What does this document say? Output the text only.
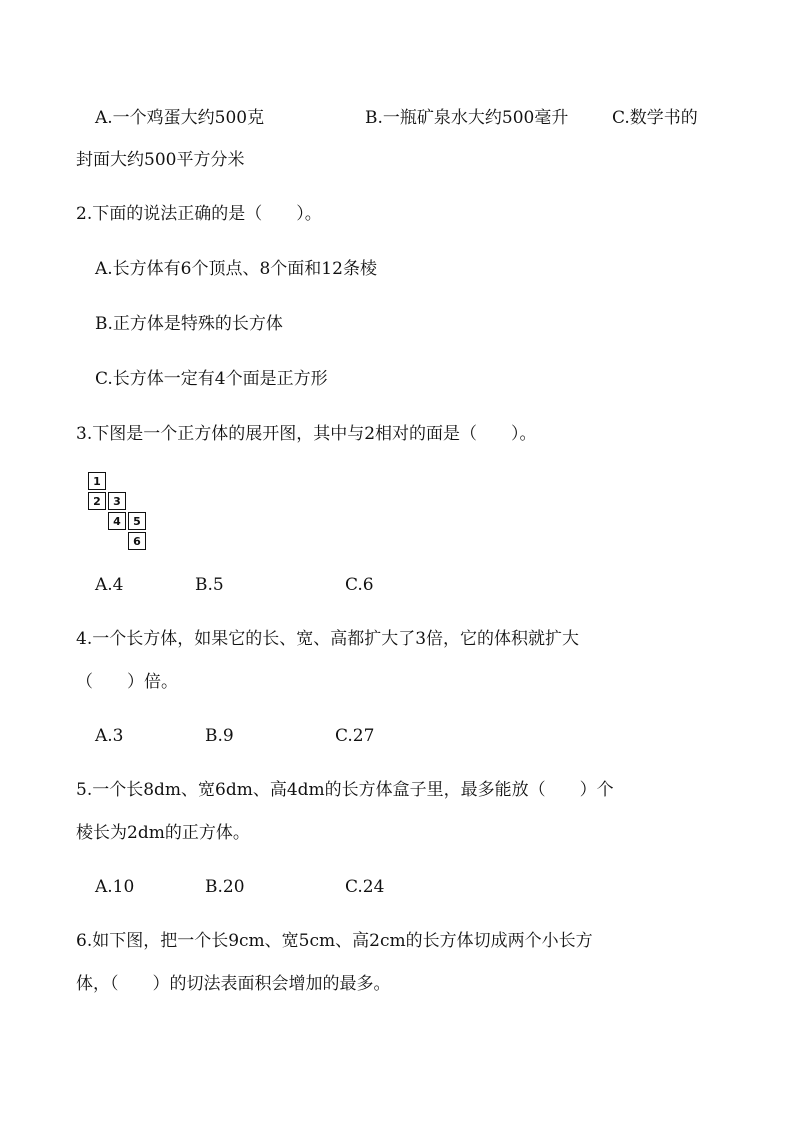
A.一个鸡蛋大约500克	B.一瓶矿泉水大约500毫升	C.数学书的
封面大约500平方分米
2.下面的说法正确的是（　　）。
A.长方体有6个顶点、8个面和12条棱
B.正方体是特殊的长方体
C.长方体一定有4个面是正方形
3.下图是一个正方体的展开图，其中与2相对的面是（　　）。
1
2	3
4	5
6
A.4	B.5	C.6
4.一个长方体，如果它的长、宽、高都扩大了3倍，它的体积就扩大
（　　）倍。
A.3	B.9	C.27
5.一个长8dm、宽6dm、高4dm的长方体盒子里，最多能放（　　）个
棱长为2dm的正方体。
A.10	B.20	C.24
6.如下图，把一个长9cm、宽5cm、高2cm的长方体切成两个小长方
体，（　　）的切法表面积会增加的最多。
